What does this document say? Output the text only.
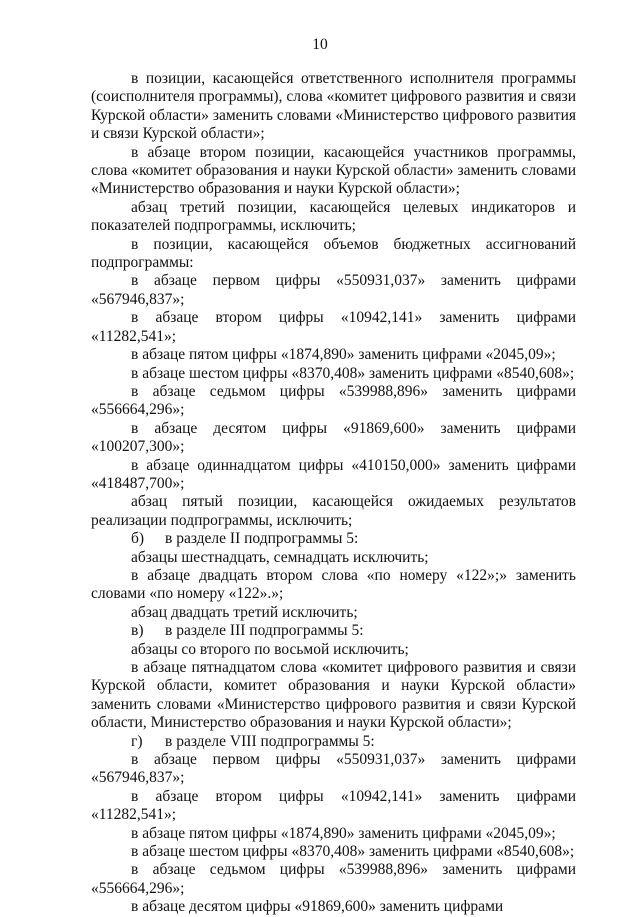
10

в позиции, касающейся ответственного исполнителя программы (соисполнителя программы), слова «комитет цифрового развития и связи Курской области» заменить словами «Министерство цифрового развития и связи Курской области»;

в абзаце втором позиции, касающейся участников программы, слова «комитет образования и науки Курской области» заменить словами «Министерство образования и науки Курской области»;

абзац третий позиции, касающейся целевых индикаторов и показателей подпрограммы, исключить;

в позиции, касающейся объемов бюджетных ассигнований подпрограммы:

в абзаце первом цифры «550931,037» заменить цифрами «567946,837»;

в абзаце втором цифры «10942,141» заменить цифрами «11282,541»;

в абзаце пятом цифры «1874,890» заменить цифрами «2045,09»;

в абзаце шестом цифры «8370,408» заменить цифрами «8540,608»;

в абзаце седьмом цифры «539988,896» заменить цифрами «556664,296»;

в абзаце десятом цифры «91869,600» заменить цифрами «100207,300»;

в абзаце одиннадцатом цифры «410150,000» заменить цифрами «418487,700»;

абзац пятый позиции, касающейся ожидаемых результатов реализации подпрограммы, исключить;

б) в разделе II подпрограммы 5:

абзацы шестнадцать, семнадцать исключить;

в абзаце двадцать втором слова «по номеру «122»;» заменить словами «по номеру «122».»;

абзац двадцать третий исключить;

в) в разделе III подпрограммы 5:

абзацы со второго по восьмой исключить;

в абзаце пятнадцатом слова «комитет цифрового развития и связи Курской области, комитет образования и науки Курской области» заменить словами «Министерство цифрового развития и связи Курской области, Министерство образования и науки Курской области»;

г) в разделе VIII подпрограммы 5:

в абзаце первом цифры «550931,037» заменить цифрами «567946,837»;

в абзаце втором цифры «10942,141» заменить цифрами «11282,541»;

в абзаце пятом цифры «1874,890» заменить цифрами «2045,09»;

в абзаце шестом цифры «8370,408» заменить цифрами «8540,608»;

в абзаце седьмом цифры «539988,896» заменить цифрами «556664,296»;

в абзаце десятом цифры «91869,600» заменить цифрами
